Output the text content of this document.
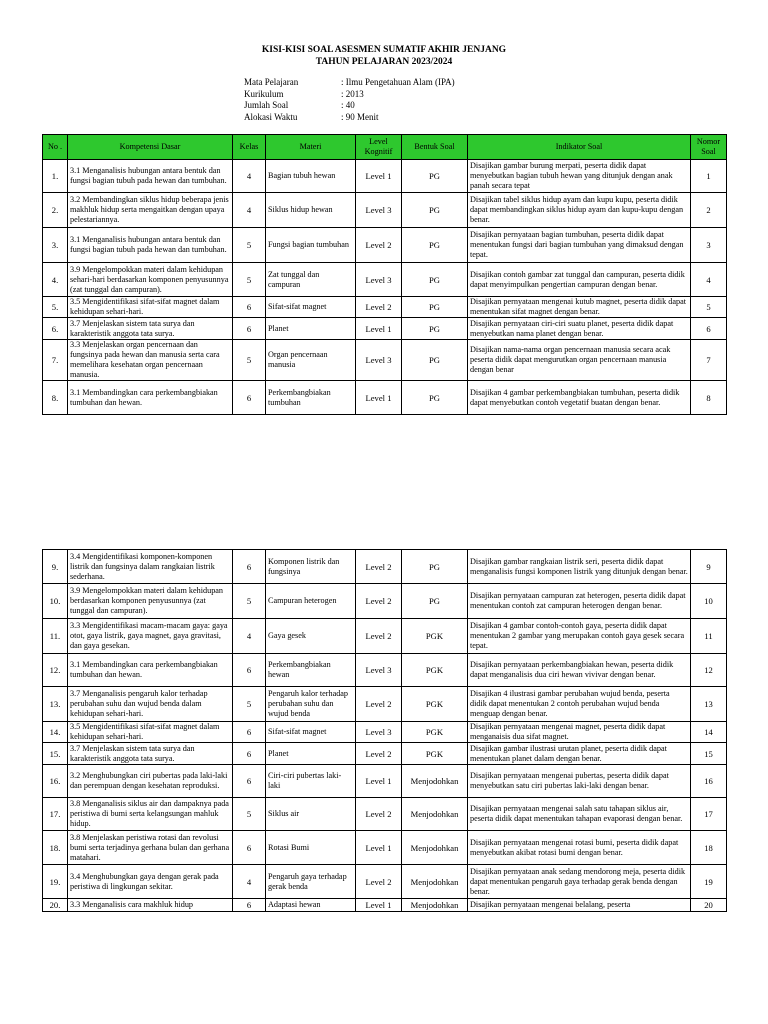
KISI-KISI SOAL ASESMEN SUMATIF AKHIR JENJANG
TAHUN PELAJARAN 2023/2024
Mata Pelajaran	: Ilmu Pengetahuan Alam (IPA)
Kurikulum	: 2013
Jumlah Soal	: 40
Alokasi Waktu	: 90 Menit
No .	Kompetensi Dasar	Kelas	Materi	Level Kognitif	Bentuk Soal	Indikator Soal	Nomor Soal
1.	3.1 Menganalisis hubungan antara bentuk dan fungsi bagian tubuh pada hewan dan tumbuhan.	4	Bagian tubuh hewan	Level 1	PG	Disajikan gambar burung merpati, peserta didik dapat menyebutkan bagian tubuh hewan yang ditunjuk dengan anak panah secara tepat	1
2.	3.2 Membandingkan siklus hidup beberapa jenis makhluk hidup serta mengaitkan dengan upaya pelestariannya.	4	Siklus hidup hewan	Level 3	PG	Disajikan tabel siklus hidup ayam dan kupu kupu, peserta didik dapat membandingkan siklus hidup ayam dan kupu-kupu dengan benar.	2
3.	3.1 Menganalisis hubungan antara bentuk dan fungsi bagian tubuh pada hewan dan tumbuhan.	5	Fungsi bagian tumbuhan	Level 2	PG	Disajikan pernyataan bagian tumbuhan, peserta didik dapat menentukan fungsi dari bagian tumbuhan yang dimaksud dengan tepat.	3
4.	3.9 Mengelompokkan materi dalam kehidupan sehari-hari berdasarkan komponen penyusunnya (zat tunggal dan campuran).	5	Zat tunggal dan campuran	Level 3	PG	Disajikan contoh gambar zat tunggal dan campuran, peserta didik dapat menyimpulkan pengertian campuran dengan benar.	4
5.	3.5 Mengidentifikasi sifat-sifat magnet dalam kehidupan sehari-hari.	6	Sifat-sifat magnet	Level 2	PG	Disajikan pernyataan mengenai kutub magnet, peserta didik dapat menentukan sifat magnet dengan benar.	5
6.	3.7 Menjelaskan sistem tata surya dan karakteristik anggota tata surya.	6	Planet	Level 1	PG	Disajikan pernyataan ciri-ciri suatu planet, peserta didik dapat menyebutkan nama planet dengan benar.	6
7.	3.3 Menjelaskan organ pencernaan dan fungsinya pada hewan dan manusia serta cara memelihara kesehatan organ pencernaan manusia.	5	Organ pencernaan manusia	Level 3	PG	Disajikan nama-nama organ pencernaan manusia secara acak peserta didik dapat mengurutkan organ pencernaan manusia dengan benar	7
8.	3.1 Membandingkan cara perkembangbiakan tumbuhan dan hewan.	6	Perkembangbiakan tumbuhan	Level 1	PG	Disajikan 4 gambar perkembangbiakan tumbuhan, peserta didik dapat menyebutkan contoh vegetatif buatan dengan benar.	8
9.	3.4 Mengidentifikasi komponen-komponen listrik dan fungsinya dalam rangkaian listrik sederhana.	6	Komponen listrik dan fungsinya	Level 2	PG	Disajikan gambar rangkaian listrik seri, peserta didik dapat menganalisis fungsi komponen listrik yang ditunjuk dengan benar.	9
10.	3.9 Mengelompokkan materi dalam kehidupan berdasarkan komponen penyusunnya (zat tunggal dan campuran).	5	Campuran heterogen	Level 2	PG	Disajikan pernyataan campuran zat heterogen, peserta didik dapat menentukan contoh zat campuran heterogen dengan benar.	10
11.	3.3 Mengidentifikasi macam-macam gaya: gaya otot, gaya listrik, gaya magnet, gaya gravitasi, dan gaya gesekan.	4	Gaya gesek	Level 2	PGK	Disajikan 4 gambar contoh-contoh gaya, peserta didik dapat menentukan 2 gambar yang merupakan contoh gaya gesek secara tepat.	11
12.	3.1 Membandingkan cara perkembangbiakan tumbuhan dan hewan.	6	Perkembangbiakan hewan	Level 3	PGK	Disajikan pernyataan perkembangbiakan hewan, peserta didik dapat menganalisis dua ciri hewan vivivar dengan benar.	12
13.	3.7 Menganalisis pengaruh kalor terhadap perubahan suhu dan wujud benda dalam kehidupan sehari-hari.	5	Pengaruh kalor terhadap perubahan suhu dan wujud benda	Level 2	PGK	Disajikan 4 ilustrasi gambar perubahan wujud benda, peserta didik dapat menentukan 2 contoh perubahan wujud benda menguap dengan benar.	13
14.	3.5 Mengidentifikasi sifat-sifat magnet dalam kehidupan sehari-hari.	6	Sifat-sifat magnet	Level 3	PGK	Disajikan pernyataan mengenai magnet, peserta didik dapat menganaisis dua sifat magnet.	14
15.	3.7 Menjelaskan sistem tata surya dan karakteristik anggota tata surya.	6	Planet	Level 2	PGK	Disajikan gambar ilustrasi urutan planet, peserta didik dapat menentukan planet dalam dengan benar.	15
16.	3.2 Menghubungkan ciri pubertas pada laki-laki dan perempuan dengan kesehatan reproduksi.	6	Ciri-ciri pubertas laki-laki	Level 1	Menjodohkan	Disajikan pernyataan mengenai pubertas, peserta didik dapat menyebutkan satu ciri pubertas laki-laki dengan benar.	16
17.	3.8 Menganalisis siklus air dan dampaknya pada peristiwa di bumi serta kelangsungan mahluk hidup.	5	Siklus air	Level 2	Menjodohkan	Disajikan pernyataan mengenai salah satu tahapan siklus air, peserta didik dapat menentukan tahapan evaporasi dengan benar.	17
18.	3.8 Menjelaskan peristiwa rotasi dan revolusi bumi serta terjadinya gerhana bulan dan gerhana matahari.	6	Rotasi Bumi	Level 1	Menjodohkan	Disajikan pernyataan mengenai rotasi bumi, peserta didik dapat menyebutkan akibat rotasi bumi dengan benar.	18
19.	3.4 Menghubungkan gaya dengan gerak pada peristiwa di lingkungan sekitar.	4	Pengaruh gaya terhadap gerak benda	Level 2	Menjodohkan	Disajikan pernyataan anak sedang mendorong meja, peserta didik dapat menentukan pengaruh gaya terhadap gerak benda dengan benar.	19
20.	3.3 Menganalisis cara makhluk hidup	6	Adaptasi hewan	Level 1	Menjodohkan	Disajikan pernyataan mengenai belalang, peserta	20
